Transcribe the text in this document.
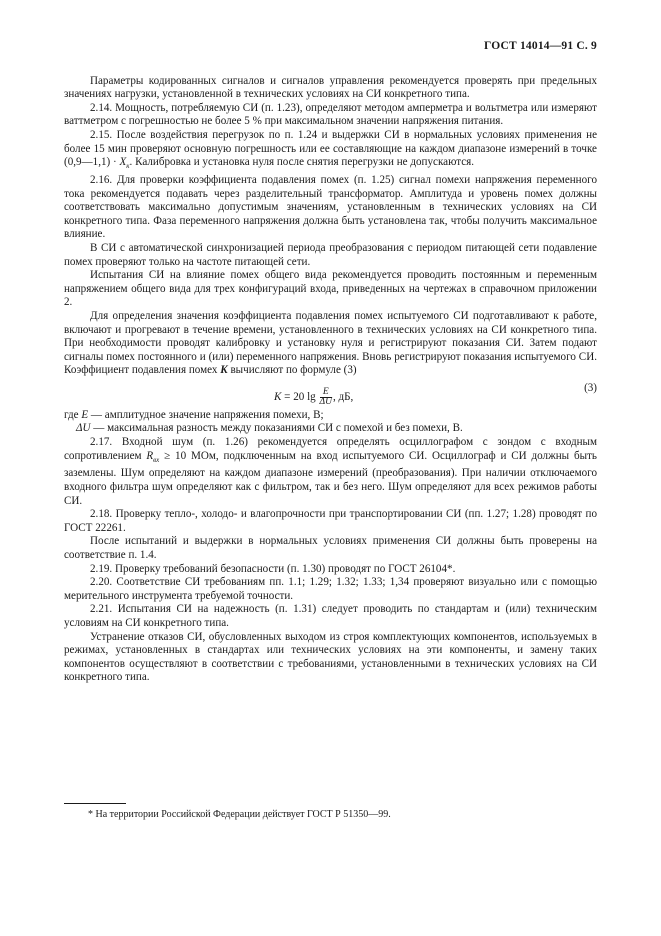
ГОСТ 14014—91 С. 9

Параметры кодированных сигналов и сигналов управления рекомендуется проверять при предельных значениях нагрузки, установленной в технических условиях на СИ конкретного типа.

2.14. Мощность, потребляемую СИ (п. 1.23), определяют методом амперметра и вольтметра или измеряют ваттметром с погрешностью не более 5 % при максимальном значении напряжения питания.

2.15. После воздействия перегрузок по п. 1.24 и выдержки СИ в нормальных условиях применения не более 15 мин проверяют основную погрешность или ее составляющие на каждом диапазоне измерений в точке (0,9—1,1) · $X_к$. Калибровка и установка нуля после снятия перегрузки не допускаются.

2.16. Для проверки коэффициента подавления помех (п. 1.25) сигнал помехи напряжения переменного тока рекомендуется подавать через разделительный трансформатор. Амплитуда и уровень помех должны соответствовать максимально допустимым значениям, установленным в технических условиях на СИ конкретного типа. Фаза переменного напряжения должна быть установлена так, чтобы получить максимальное влияние.

В СИ с автоматической синхронизацией периода преобразования с периодом питающей сети подавление помех проверяют только на частоте питающей сети.

Испытания СИ на влияние помех общего вида рекомендуется проводить постоянным и переменным напряжением общего вида для трех конфигураций входа, приведенных на чертежах в справочном приложении 2.

Для определения значения коэффициента подавления помех испытуемого СИ подготавливают к работе, включают и прогревают в течение времени, установленного в технических условиях на СИ конкретного типа. При необходимости проводят калибровку и установку нуля и регистрируют показания СИ. Затем подают сигналы помех постоянного и (или) переменного напряжения. Вновь регистрируют показания испытуемого СИ. Коэффициент подавления помех K вычисляют по формуле (3)

K = 20 $\lg \frac{E}{\Delta U}$ , дБ,
(3)
где E — амплитудное значение напряжения помехи, В;
ΔU — максимальная разность между показаниями СИ с помехой и без помехи, В.

2.17. Входной шум (п. 1.26) рекомендуется определять осциллографом с зондом с входным сопротивлением $R_{вх} \ge 10$ МОм, подключенным на вход испытуемого СИ. Осциллограф и СИ должны быть заземлены. Шум определяют на каждом диапазоне измерений (преобразования). При наличии отключаемого входного фильтра шум определяют как с фильтром, так и без него. Шум определяют для всех режимов работы СИ.

2.18. Проверку тепло-, холодо- и влагопрочности при транспортировании СИ (пп. 1.27; 1.28) проводят по ГОСТ 22261.

После испытаний и выдержки в нормальных условиях применения СИ должны быть проверены на соответствие п. 1.4.

2.19. Проверку требований безопасности (п. 1.30) проводят по ГОСТ 26104*.

2.20. Соответствие СИ требованиям пп. 1.1; 1.29; 1.32; 1.33; 1,34 проверяют визуально или с помощью мерительного инструмента требуемой точности.

2.21. Испытания СИ на надежность (п. 1.31) следует проводить по стандартам и (или) техническим условиям на СИ конкретного типа.

Устранение отказов СИ, обусловленных выходом из строя комплектующих компонентов, используемых в режимах, установленных в стандартах или технических условиях на эти компоненты, и замену таких компонентов осуществляют в соответствии с требованиями, установленными в технических условиях на СИ конкретного типа.

* На территории Российской Федерации действует ГОСТ Р 51350—99.
